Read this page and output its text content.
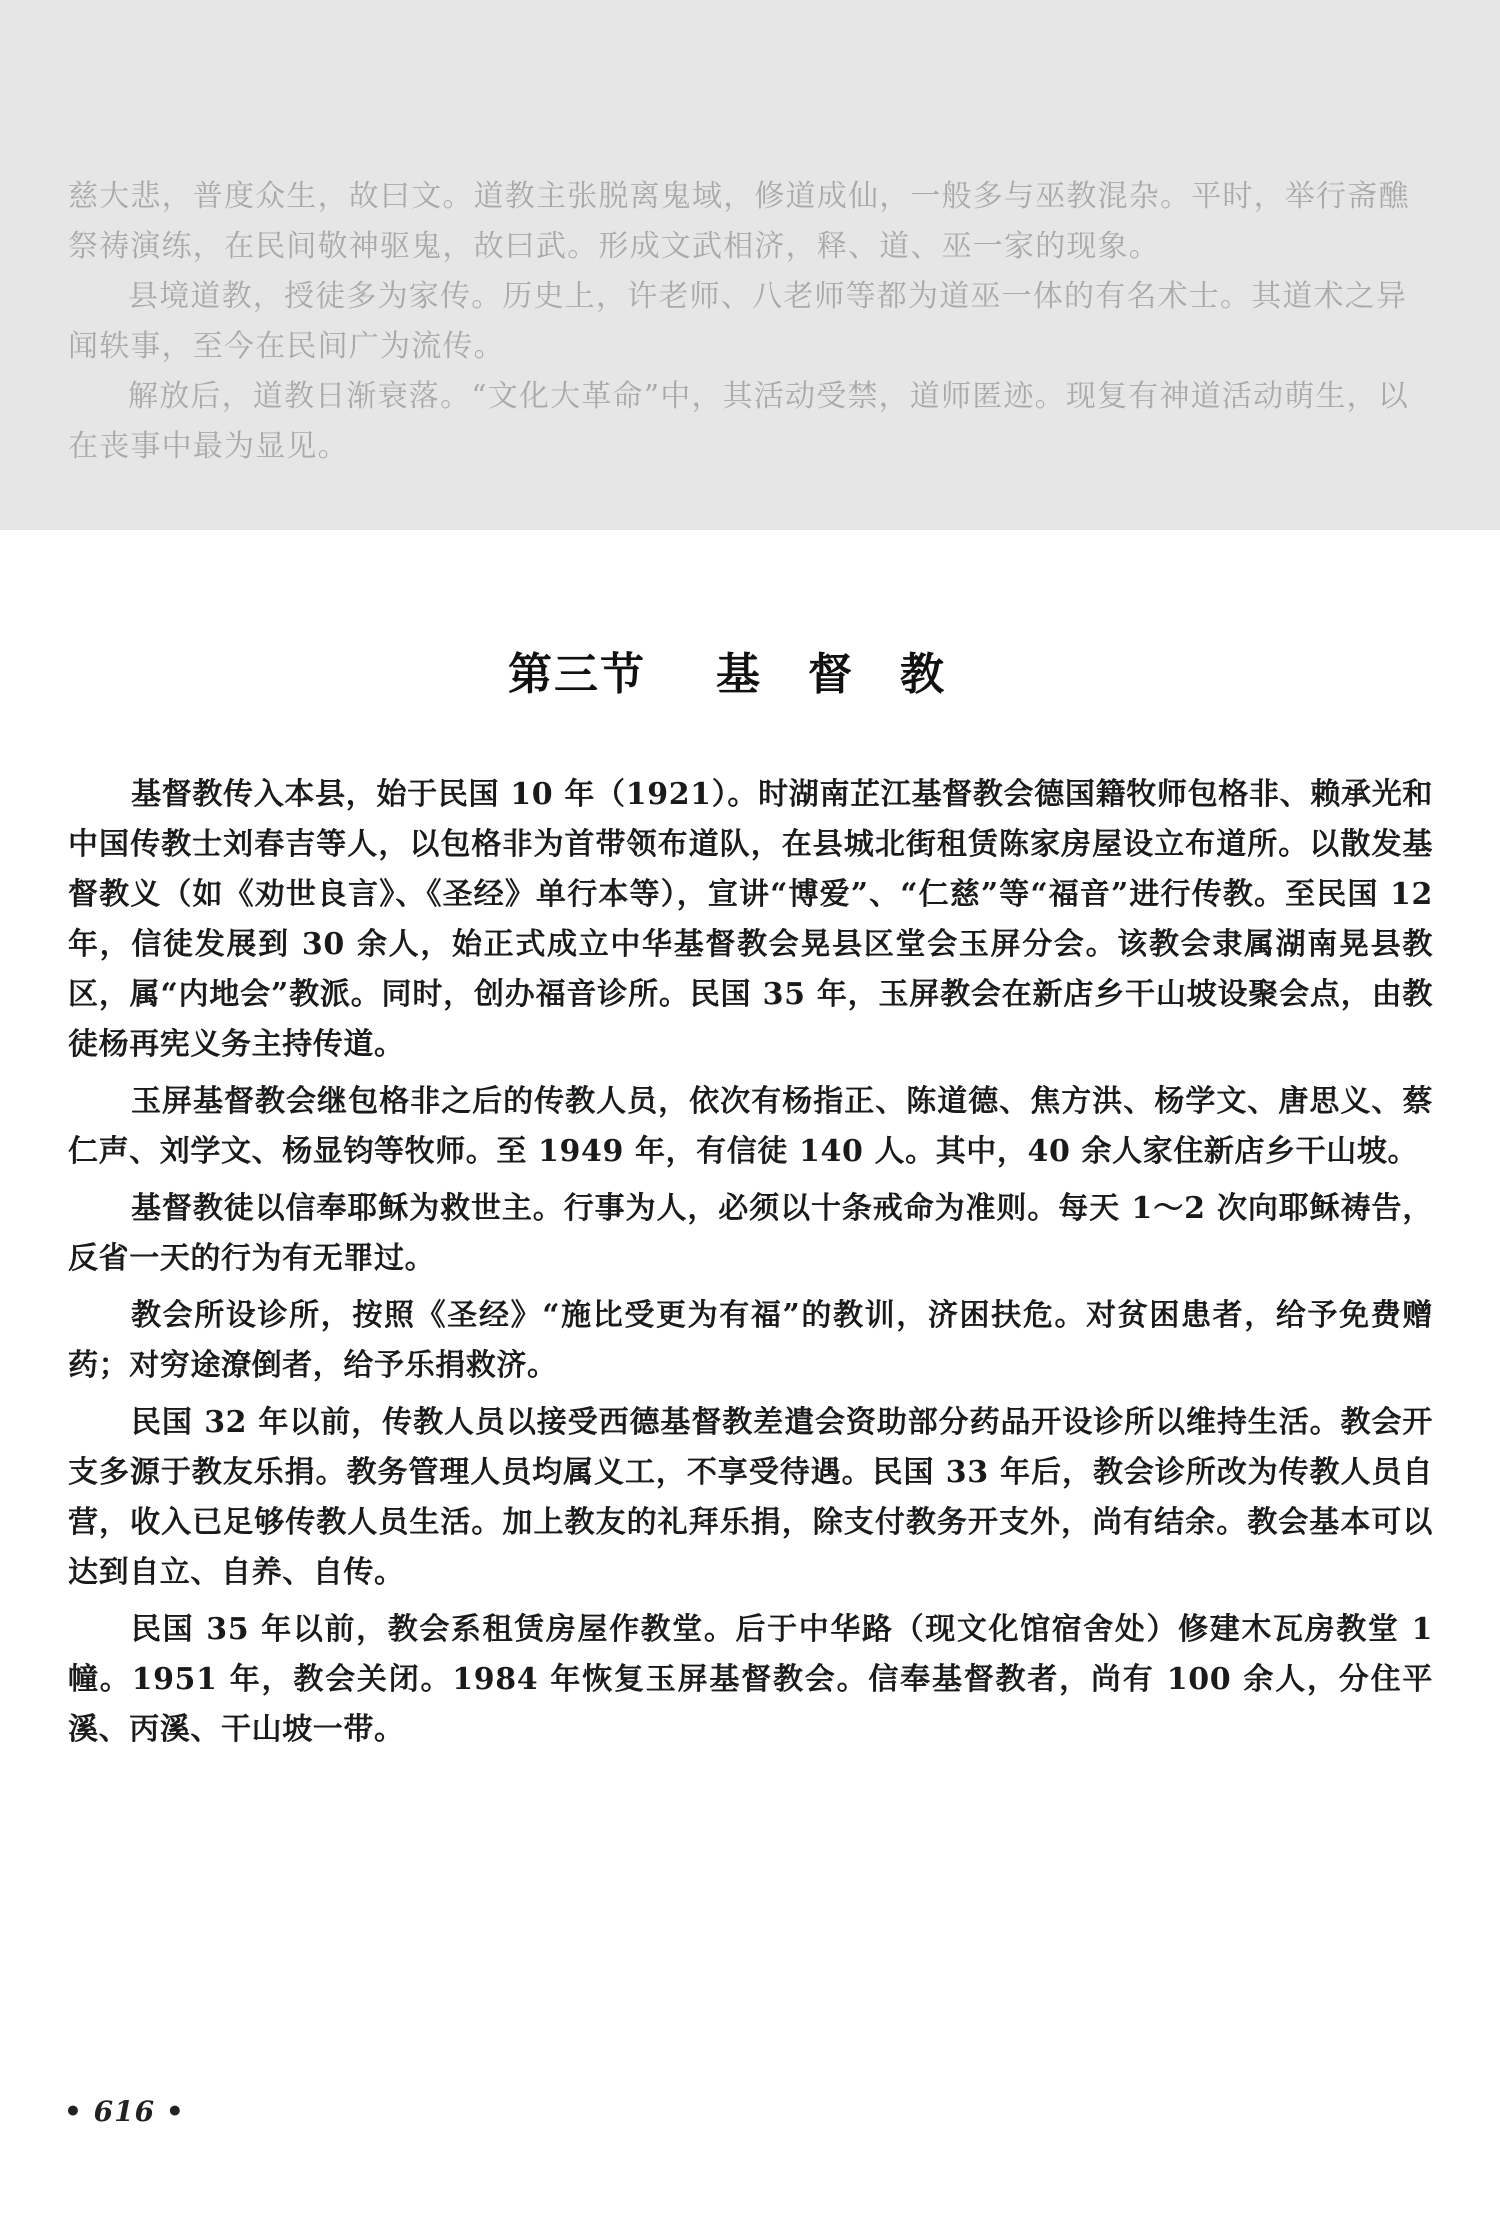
慈大悲，普度众生，故曰文。道教主张脱离鬼域，修道成仙，一般多与巫教混杂。平时，举行斋醮祭祷演练，在民间敬神驱鬼，故曰武。形成文武相济，释、道、巫一家的现象。

县境道教，授徒多为家传。历史上，许老师、八老师等都为道巫一体的有名术士。其道术之异闻轶事，至今在民间广为流传。

解放后，道教日渐衰落。“文化大革命”中，其活动受禁，道师匿迹。现复有神道活动萌生，以在丧事中最为显见。

第三节 基督教

基督教传入本县，始于民国 10 年（1921）。时湖南芷江基督教会德国籍牧师包格非、赖承光和中国传教士刘春吉等人，以包格非为首带领布道队，在县城北街租赁陈家房屋设立布道所。以散发基督教义（如《劝世良言》、《圣经》单行本等），宣讲“博爱”、“仁慈”等“福音”进行传教。至民国 12 年，信徒发展到 30 余人，始正式成立中华基督教会晃县区堂会玉屏分会。该教会隶属湖南晃县教区，属“内地会”教派。同时，创办福音诊所。民国 35 年，玉屏教会在新店乡干山坡设聚会点，由教徒杨再宪义务主持传道。

玉屏基督教会继包格非之后的传教人员，依次有杨指正、陈道德、焦方洪、杨学文、唐思义、蔡仁声、刘学文、杨显钧等牧师。至 1949 年，有信徒 140 人。其中，40 余人家住新店乡干山坡。

基督教徒以信奉耶稣为救世主。行事为人，必须以十条戒命为准则。每天 1～2 次向耶稣祷告，反省一天的行为有无罪过。

教会所设诊所，按照《圣经》“施比受更为有福”的教训，济困扶危。对贫困患者，给予免费赠药；对穷途潦倒者，给予乐捐救济。

民国 32 年以前，传教人员以接受西德基督教差遣会资助部分药品开设诊所以维持生活。教会开支多源于教友乐捐。教务管理人员均属义工，不享受待遇。民国 33 年后，教会诊所改为传教人员自营，收入已足够传教人员生活。加上教友的礼拜乐捐，除支付教务开支外，尚有结余。教会基本可以达到自立、自养、自传。

民国 35 年以前，教会系租赁房屋作教堂。后于中华路（现文化馆宿舍处）修建木瓦房教堂 1 幢。1951 年，教会关闭。1984 年恢复玉屏基督教会。信奉基督教者，尚有 100 余人，分住平溪、丙溪、干山坡一带。

• 616 •
